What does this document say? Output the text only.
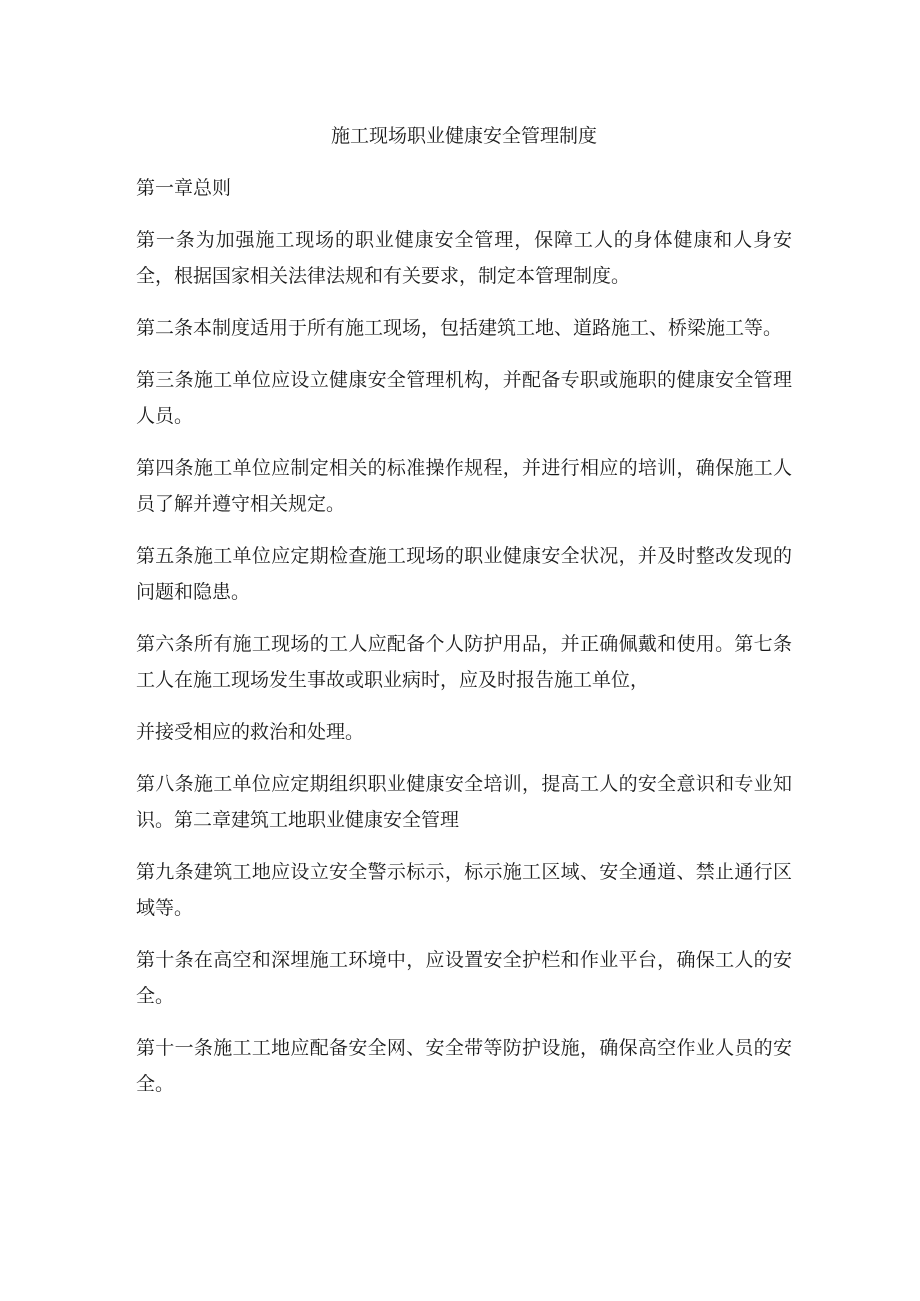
施工现场职业健康安全管理制度
第一章总则
第一条为加强施工现场的职业健康安全管理，保障工人的身体健康和人身安全，根据国家相关法律法规和有关要求，制定本管理制度。
第二条本制度适用于所有施工现场，包括建筑工地、道路施工、桥梁施工等。
第三条施工单位应设立健康安全管理机构，并配备专职或施职的健康安全管理人员。
第四条施工单位应制定相关的标准操作规程，并进行相应的培训，确保施工人员了解并遵守相关规定。
第五条施工单位应定期检查施工现场的职业健康安全状况，并及时整改发现的问题和隐患。
第六条所有施工现场的工人应配备个人防护用品，并正确佩戴和使用。第七条工人在施工现场发生事故或职业病时，应及时报告施工单位，
并接受相应的救治和处理。
第八条施工单位应定期组织职业健康安全培训，提高工人的安全意识和专业知识。第二章建筑工地职业健康安全管理
第九条建筑工地应设立安全警示标示，标示施工区域、安全通道、禁止通行区域等。
第十条在高空和深埋施工环境中，应设置安全护栏和作业平台，确保工人的安全。
第十一条施工工地应配备安全网、安全带等防护设施，确保高空作业人员的安全。
